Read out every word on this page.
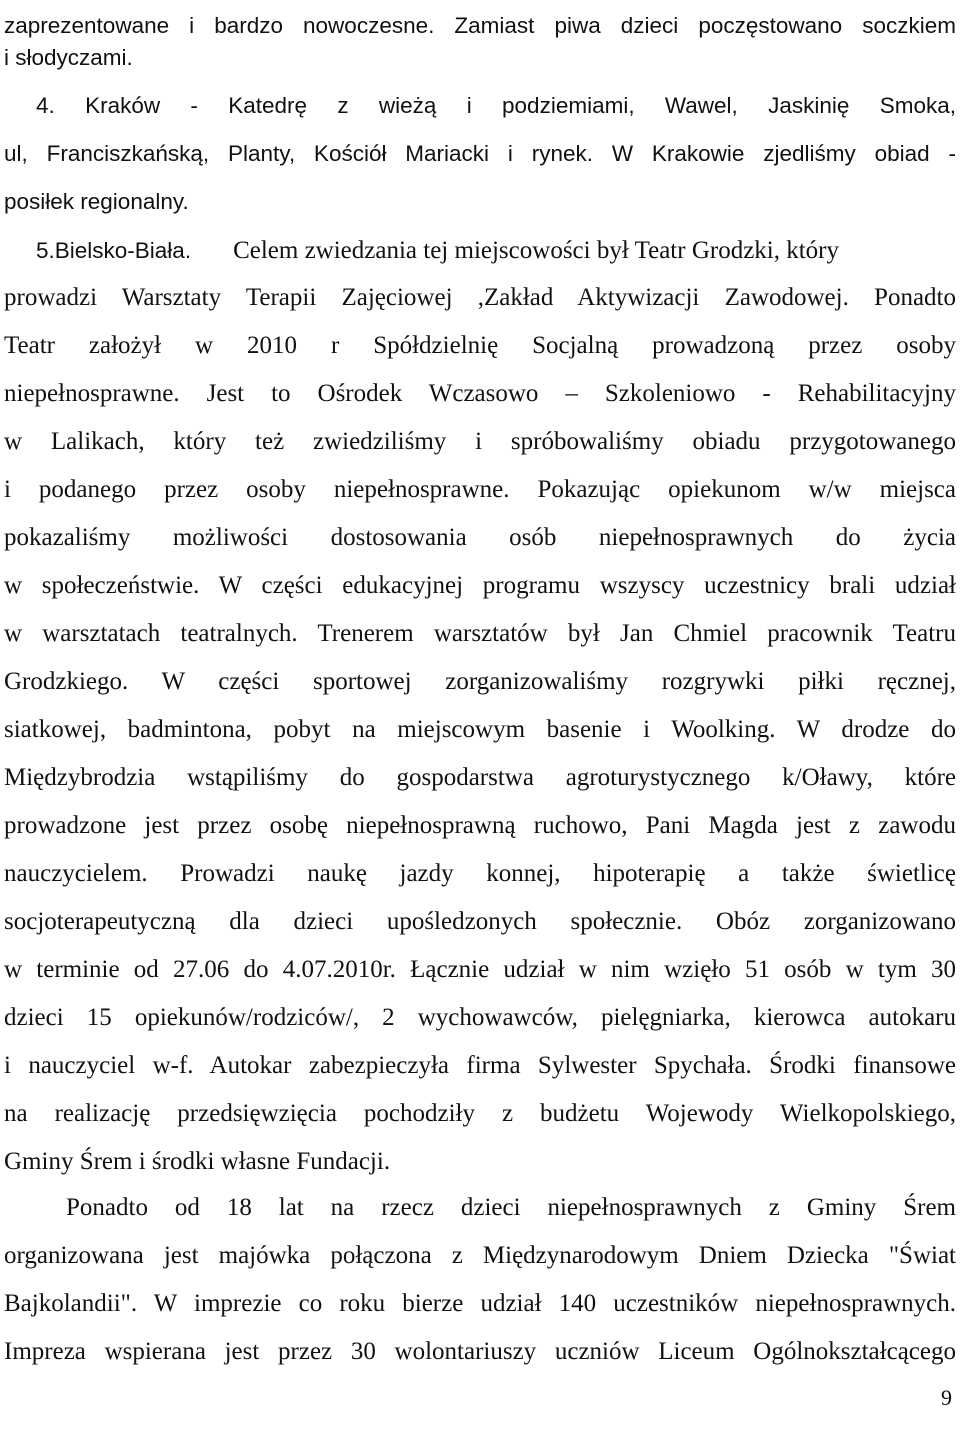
zaprezentowane i bardzo nowoczesne. Zamiast piwa dzieci poczęstowano soczkiem
i słodyczami.
4. Kraków - Katedrę z wieżą i podziemiami, Wawel, Jaskinię Smoka,
ul, Franciszkańską, Planty, Kościół Mariacki i rynek. W Krakowie zjedliśmy obiad -
posiłek regionalny.
5.Bielsko-Biała. Celem zwiedzania tej miejscowości był Teatr Grodzki, który
prowadzi Warsztaty Terapii Zajęciowej ,Zakład Aktywizacji Zawodowej. Ponadto
Teatr założył w 2010 r Spółdzielnię Socjalną prowadzoną przez osoby
niepełnosprawne. Jest to Ośrodek Wczasowo – Szkoleniowo - Rehabilitacyjny
w Lalikach, który też zwiedziliśmy i spróbowaliśmy obiadu przygotowanego
i podanego przez osoby niepełnosprawne. Pokazując opiekunom w/w miejsca
pokazaliśmy możliwości dostosowania osób niepełnosprawnych do życia
w społeczeństwie. W części edukacyjnej programu wszyscy uczestnicy brali udział
w warsztatach teatralnych. Trenerem warsztatów był Jan Chmiel pracownik Teatru
Grodzkiego. W części sportowej zorganizowaliśmy rozgrywki piłki ręcznej,
siatkowej, badmintona, pobyt na miejscowym basenie i Woolking. W drodze do
Międzybrodzia wstąpiliśmy do gospodarstwa agroturystycznego k/Oławy, które
prowadzone jest przez osobę niepełnosprawną ruchowo, Pani Magda jest z zawodu
nauczycielem. Prowadzi naukę jazdy konnej, hipoterapię a także świetlicę
socjoterapeutyczną dla dzieci upośledzonych społecznie. Obóz zorganizowano
w terminie od 27.06 do 4.07.2010r. Łącznie udział w nim wzięło 51 osób w tym 30
dzieci 15 opiekunów/rodziców/, 2 wychowawców, pielęgniarka, kierowca autokaru
i nauczyciel w-f. Autokar zabezpieczyła firma Sylwester Spychała. Środki finansowe
na realizację przedsięwzięcia pochodziły z budżetu Wojewody Wielkopolskiego,
Gminy Śrem i środki własne Fundacji.
Ponadto od 18 lat na rzecz dzieci niepełnosprawnych z Gminy Śrem
organizowana jest majówka połączona z Międzynarodowym Dniem Dziecka "Świat
Bajkolandii". W imprezie co roku bierze udział 140 uczestników niepełnosprawnych.
Impreza wspierana jest przez 30 wolontariuszy uczniów Liceum Ogólnokształcącego
9
